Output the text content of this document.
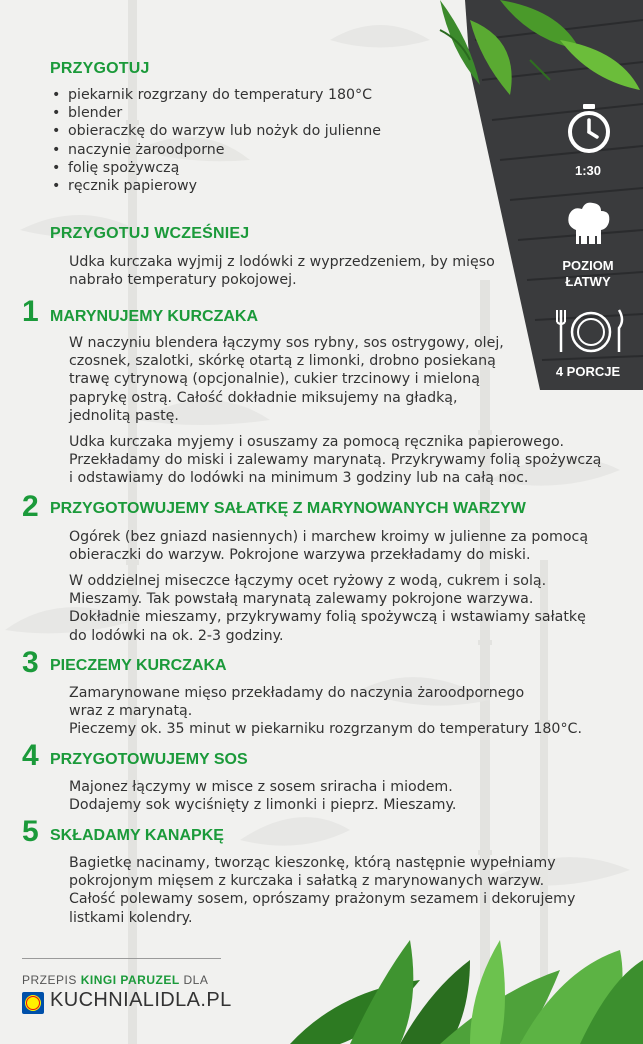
PRZYGOTUJ
• piekarnik rozgrzany do temperatury 180°C
• blender
• obieraczkę do warzyw lub nożyk do julienne
• naczynie żaroodporne
• folię spożywczą
• ręcznik papierowy
PRZYGOTUJ WCZEŚNIEJ

Udka kurczaka wyjmij z lodówki z wyprzedzeniem, by mięso
nabrało temperatury pokojowej.

1 MARYNUJEMY KURCZAKA

W naczyniu blendera łączymy sos rybny, sos ostrygowy, olej,
czosnek, szalotki, skórkę otartą z limonki, drobno posiekaną
trawę cytrynową (opcjonalnie), cukier trzcinowy i mieloną
paprykę ostrą. Całość dokładnie miksujemy na gładką,
jednolitą pastę.

Udka kurczaka myjemy i osuszamy za pomocą ręcznika papierowego.
Przekładamy do miski i zalewamy marynatą. Przykrywamy folią spożywczą
i odstawiamy do lodówki na minimum 3 godziny lub na całą noc.

2 PRZYGOTOWUJEMY SAŁATKĘ Z MARYNOWANYCH WARZYW

Ogórek (bez gniazd nasiennych) i marchew kroimy w julienne za pomocą
obieraczki do warzyw. Pokrojone warzywa przekładamy do miski.

W oddzielnej miseczce łączymy ocet ryżowy z wodą, cukrem i solą.
Mieszamy. Tak powstałą marynatą zalewamy pokrojone warzywa.
Dokładnie mieszamy, przykrywamy folią spożywczą i wstawiamy sałatkę
do lodówki na ok. 2-3 godziny.

3 PIECZEMY KURCZAKA

Zamarynowane mięso przekładamy do naczynia żaroodpornego
wraz z marynatą.
Pieczemy ok. 35 minut w piekarniku rozgrzanym do temperatury 180°C.

4 PRZYGOTOWUJEMY SOS

Majonez łączymy w misce z sosem sriracha i miodem.
Dodajemy sok wyciśnięty z limonki i pieprz. Mieszamy.

5 SKŁADAMY KANAPKĘ

Bagietkę nacinamy, tworząc kieszonkę, którą następnie wypełniamy
pokrojonym mięsem z kurczaka i sałatką z marynowanych warzyw.
Całość polewamy sosem, oprószamy prażonym sezamem i dekorujemy
listkami kolendry.

1:30
POZIOM
ŁATWY
4 PORCJE
PRZEPIS KINGI PARUZEL DLA
KUCHNIALIDLA.PL
